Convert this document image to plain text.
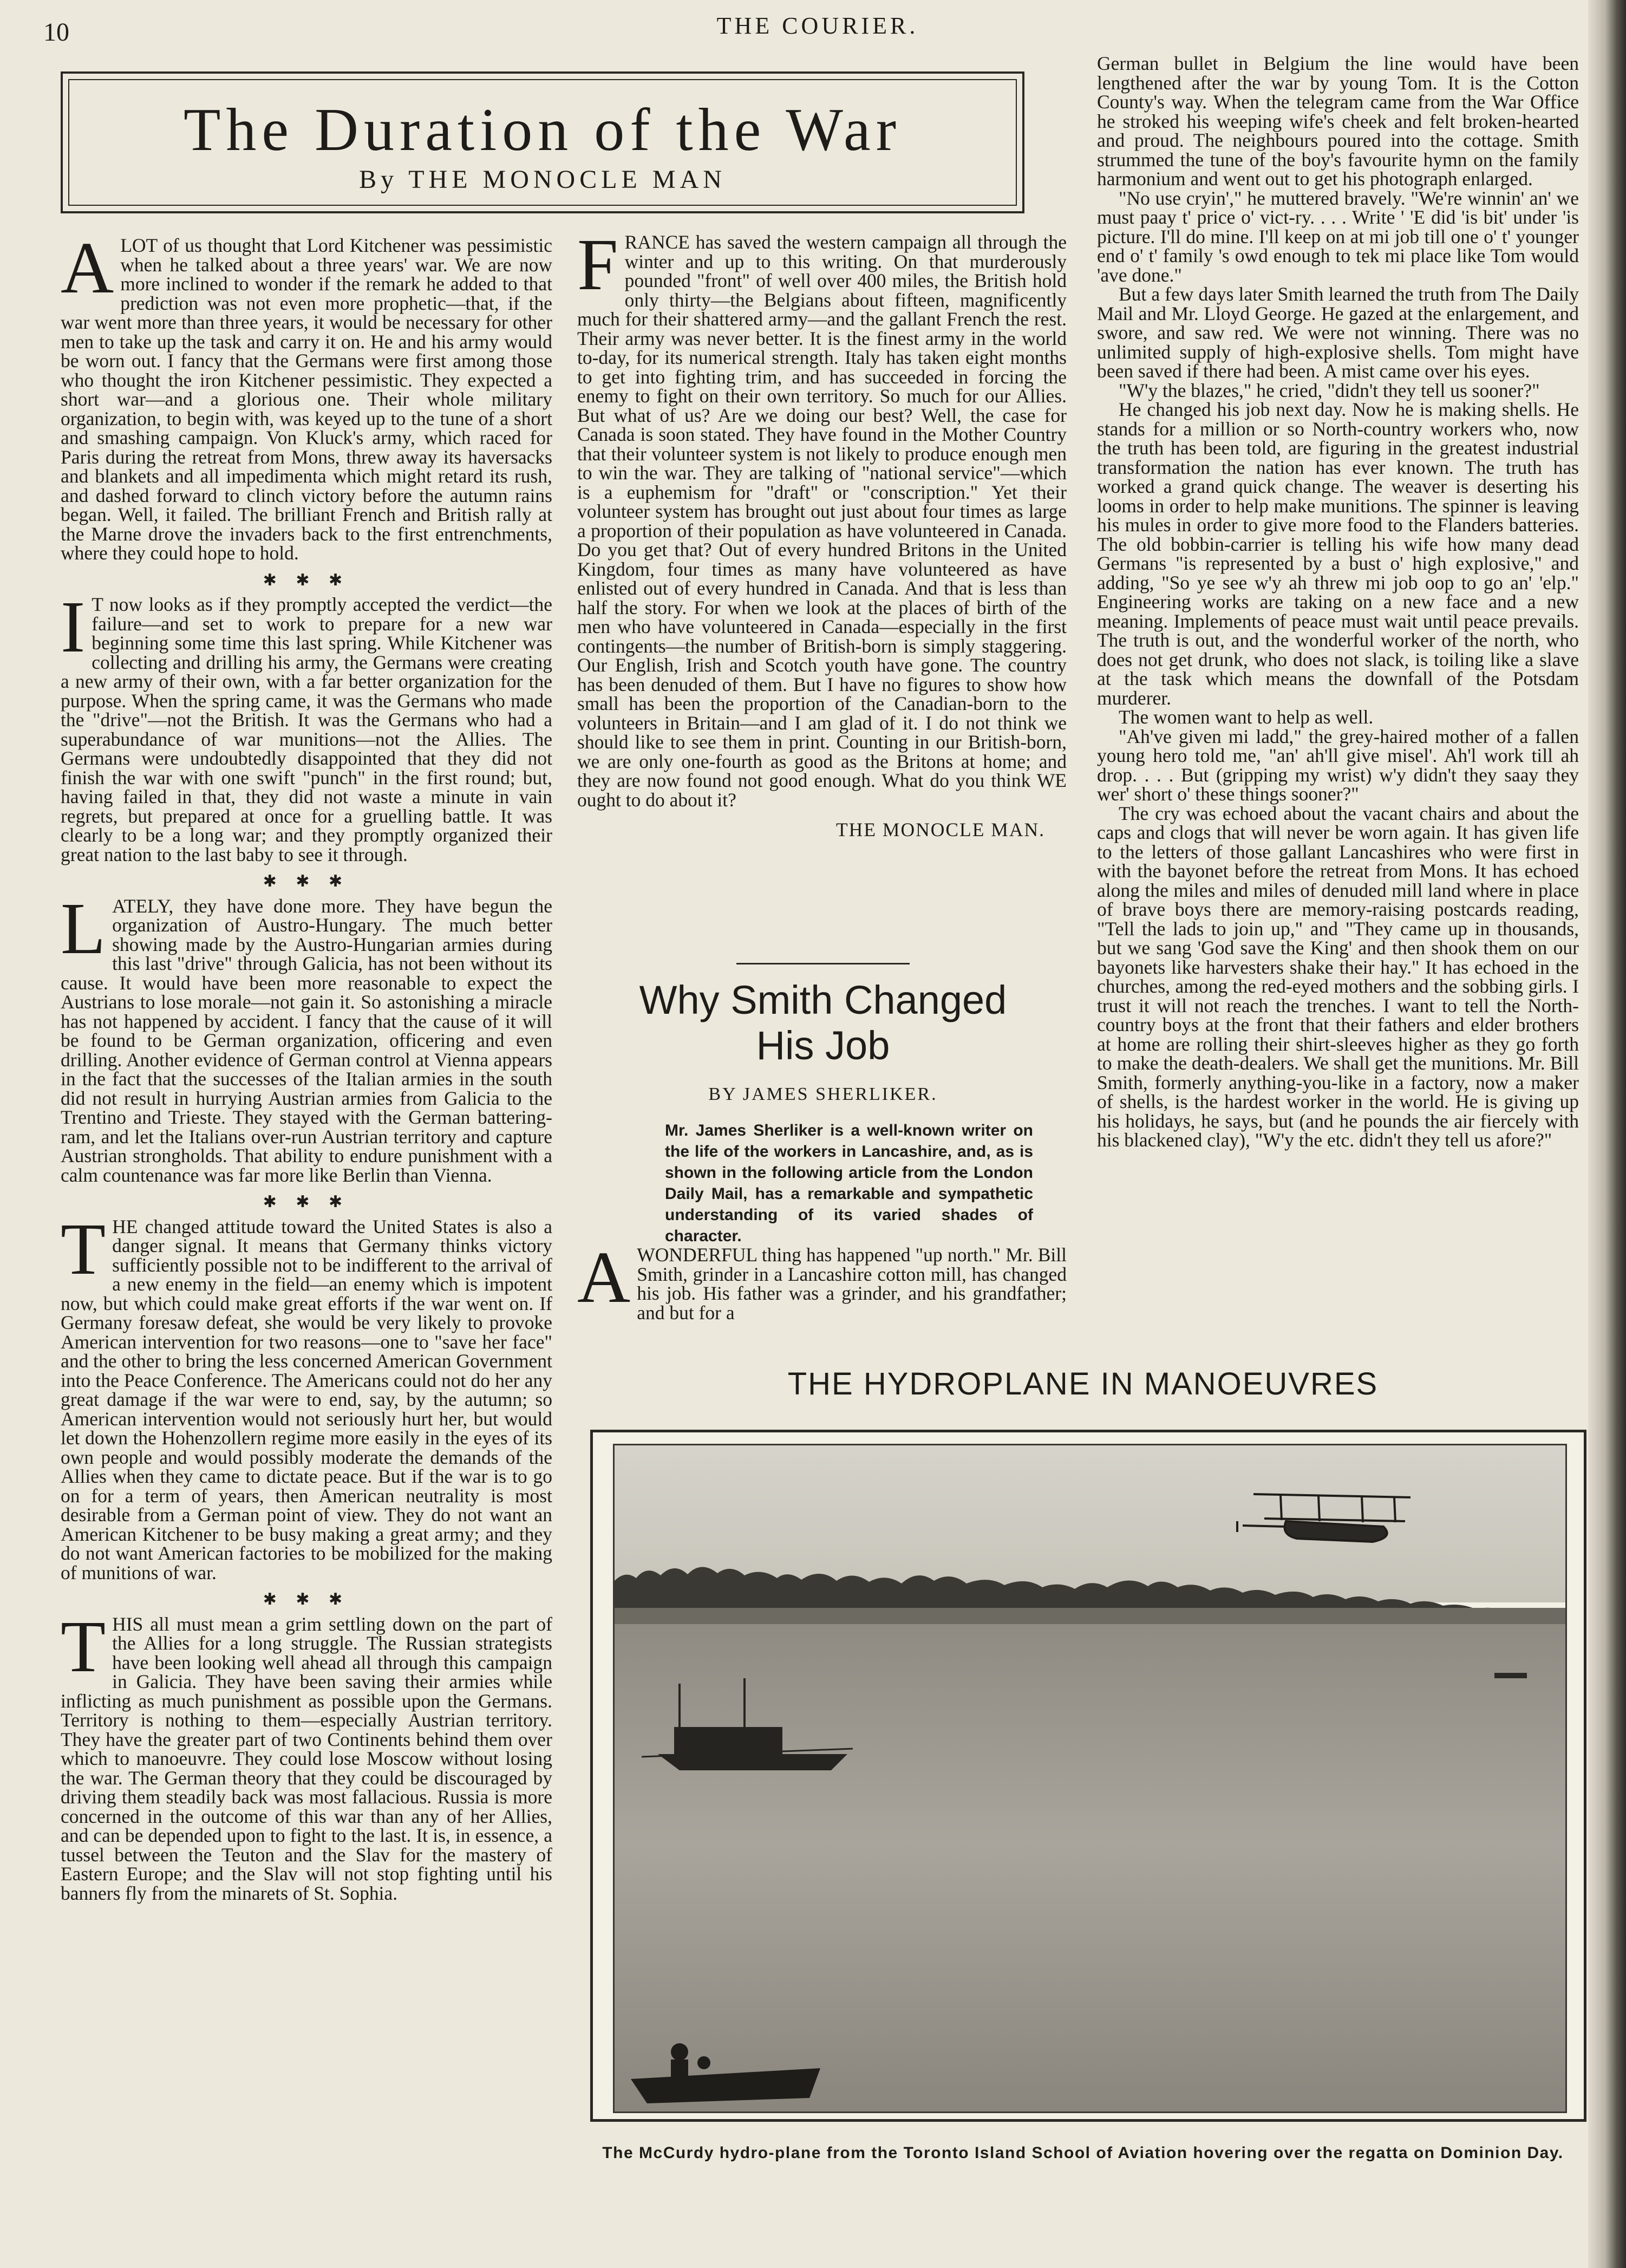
10	THE COURIER.
The Duration of the War
By THE MONOCLE MAN

ALOT of us thought that Lord Kitchener was pessimistic when he talked about a three years' war. We are now more inclined to wonder if the remark he added to that prediction was not even more prophetic—that, if the war went more than three years, it would be necessary for other men to take up the task and carry it on. He and his army would be worn out. I fancy that the Germans were first among those who thought the iron Kitchener pessimistic. They expected a short war—and a glorious one. Their whole military organization, to begin with, was keyed up to the tune of a short and smashing campaign. Von Kluck's army, which raced for Paris during the retreat from Mons, threw away its haversacks and blankets and all impedimenta which might retard its rush, and dashed forward to clinch victory before the autumn rains began. Well, it failed. The brilliant French and British rally at the Marne drove the invaders back to the first entrenchments, where they could hope to hold.

✱ ✱ ✱

I T now looks as if they promptly accepted the verdict—the failure—and set to work to prepare for a new war beginning some time this last spring. While Kitchener was collecting and drilling his army, the Germans were creating a new army of their own, with a far better organization for the purpose. When the spring came, it was the Germans who made the "drive"—not the British. It was the Germans who had a superabundance of war munitions—not the Allies. The Germans were undoubtedly disappointed that they did not finish the war with one swift "punch" in the first round; but, having failed in that, they did not waste a minute in vain regrets, but prepared at once for a gruelling battle. It was clearly to be a long war; and they promptly organized their great nation to the last baby to see it through.

✱ ✱ ✱

LATELY, they have done more. They have begun the organization of Austro-Hungary. The much better showing made by the Austro-Hungarian armies during this last "drive" through Galicia, has not been without its cause. It would have been more reasonable to expect the Austrians to lose morale—not gain it. So astonishing a miracle has not happened by accident. I fancy that the cause of it will be found to be German organization, officering and even drilling. Another evidence of German control at Vienna appears in the fact that the successes of the Italian armies in the south did not result in hurrying Austrian armies from Galicia to the Trentino and Trieste. They stayed with the German battering-ram, and let the Italians over-run Austrian territory and capture Austrian strongholds. That ability to endure punishment with a calm countenance was far more like Berlin than Vienna.

✱ ✱ ✱

THE changed attitude toward the United States is also a danger signal. It means that Germany thinks victory sufficiently possible not to be indifferent to the arrival of a new enemy in the field—an enemy which is impotent now, but which could make great efforts if the war went on. If Germany foresaw defeat, she would be very likely to provoke American intervention for two reasons—one to "save her face" and the other to bring the less concerned American Government into the Peace Conference. The Americans could not do her any great damage if the war were to end, say, by the autumn; so American intervention would not seriously hurt her, but would let down the Hohenzollern regime more easily in the eyes of its own people and would possibly moderate the demands of the Allies when they came to dictate peace. But if the war is to go on for a term of years, then American neutrality is most desirable from a German point of view. They do not want an American Kitchener to be busy making a great army; and they do not want American factories to be mobilized for the making of munitions of war.

✱ ✱ ✱

THIS all must mean a grim settling down on the part of the Allies for a long struggle. The Russian strategists have been looking well ahead all through this campaign in Galicia. They have been saving their armies while inflicting as much punishment as possible upon the Germans. Territory is nothing to them—especially Austrian territory. They have the greater part of two Continents behind them over which to manoeuvre. They could lose Moscow without losing the war. The German theory that they could be discouraged by driving them steadily back was most fallacious. Russia is more concerned in the outcome of this war than any of her Allies, and can be depended upon to fight to the last. It is, in essence, a tussel between the Teuton and the Slav for the mastery of Eastern Europe; and the Slav will not stop fighting until his banners fly from the minarets of St. Sophia.

FRANCE has saved the western campaign all through the winter and up to this writing. On that murderously pounded "front" of well over 400 miles, the British hold only thirty—the Belgians about fifteen, magnificently much for their shattered army—and the gallant French the rest. Their army was never better. It is the finest army in the world to-day, for its numerical strength. Italy has taken eight months to get into fighting trim, and has succeeded in forcing the enemy to fight on their own territory. So much for our Allies. But what of us? Are we doing our best? Well, the case for Canada is soon stated. They have found in the Mother Country that their volunteer system is not likely to produce enough men to win the war. They are talking of "national service"—which is a euphemism for "draft" or "conscription." Yet their volunteer system has brought out just about four times as large a proportion of their population as have volunteered in Canada. Do you get that? Out of every hundred Britons in the United Kingdom, four times as many have volunteered as have enlisted out of every hundred in Canada. And that is less than half the story. For when we look at the places of birth of the men who have volunteered in Canada—especially in the first contingents—the number of British-born is simply staggering. Our English, Irish and Scotch youth have gone. The country has been denuded of them. But I have no figures to show how small has been the proportion of the Canadian-born to the volunteers in Britain—and I am glad of it. I do not think we should like to see them in print. Counting in our British-born, we are only one-fourth as good as the Britons at home; and they are now found not good enough. What do you think WE ought to do about it?

THE MONOCLE MAN.
Why Smith Changed
His Job
BY JAMES SHERLIKER.
Mr. James Sherliker is a well-known writer on the life of the workers in Lancashire, and, as is shown in the following article from the London Daily Mail, has a remarkable and sympathetic understanding of its varied shades of character.

AWONDERFUL thing has happened "up north." Mr. Bill Smith, grinder in a Lancashire cotton mill, has changed his job. His father was a grinder, and his grandfather; and but for a

German bullet in Belgium the line would have been lengthened after the war by young Tom. It is the Cotton County's way. When the telegram came from the War Office he stroked his weeping wife's cheek and felt broken-hearted and proud. The neighbours poured into the cottage. Smith strummed the tune of the boy's favourite hymn on the family harmonium and went out to get his photograph enlarged.

"No use cryin'," he muttered bravely. "We're winnin' an' we must paay t' price o' vict-ry. . . . Write ' 'E did 'is bit' under 'is picture. I'll do mine. I'll keep on at mi job till one o' t' younger end o' t' family 's owd enough to tek mi place like Tom would 'ave done."

But a few days later Smith learned the truth from The Daily Mail and Mr. Lloyd George. He gazed at the enlargement, and swore, and saw red. We were not winning. There was no unlimited supply of high-explosive shells. Tom might have been saved if there had been. A mist came over his eyes.

"W'y the blazes," he cried, "didn't they tell us sooner?"

He changed his job next day. Now he is making shells. He stands for a million or so North-country workers who, now the truth has been told, are figuring in the greatest industrial transformation the nation has ever known. The truth has worked a grand quick change. The weaver is deserting his looms in order to help make munitions. The spinner is leaving his mules in order to give more food to the Flanders batteries. The old bobbin-carrier is telling his wife how many dead Germans "is represented by a bust o' high explosive," and adding, "So ye see w'y ah threw mi job oop to go an' 'elp." Engineering works are taking on a new face and a new meaning. Implements of peace must wait until peace prevails. The truth is out, and the wonderful worker of the north, who does not get drunk, who does not slack, is toiling like a slave at the task which means the downfall of the Potsdam murderer.

The women want to help as well.

"Ah've given mi ladd," the grey-haired mother of a fallen young hero told me, "an' ah'll give misel'. Ah'l work till ah drop. . . . But (gripping my wrist) w'y didn't they saay they wer' short o' these things sooner?"

The cry was echoed about the vacant chairs and about the caps and clogs that will never be worn again. It has given life to the letters of those gallant Lancashires who were first in with the bayonet before the retreat from Mons. It has echoed along the miles and miles of denuded mill land where in place of brave boys there are memory-raising postcards reading, "Tell the lads to join up," and "They came up in thousands, but we sang 'God save the King' and then shook them on our bayonets like harvesters shake their hay." It has echoed in the churches, among the red-eyed mothers and the sobbing girls. I trust it will not reach the trenches. I want to tell the North-country boys at the front that their fathers and elder brothers at home are rolling their shirt-sleeves higher as they go forth to make the death-dealers. We shall get the munitions. Mr. Bill Smith, formerly anything-you-like in a factory, now a maker of shells, is the hardest worker in the world. He is giving up his holidays, he says, but (and he pounds the air fiercely with his blackened clay), "W'y the etc. didn't they tell us afore?"

THE HYDROPLANE IN MANOEUVRES
The McCurdy hydro-plane from the Toronto Island School of Aviation hovering over the regatta on Dominion Day.
